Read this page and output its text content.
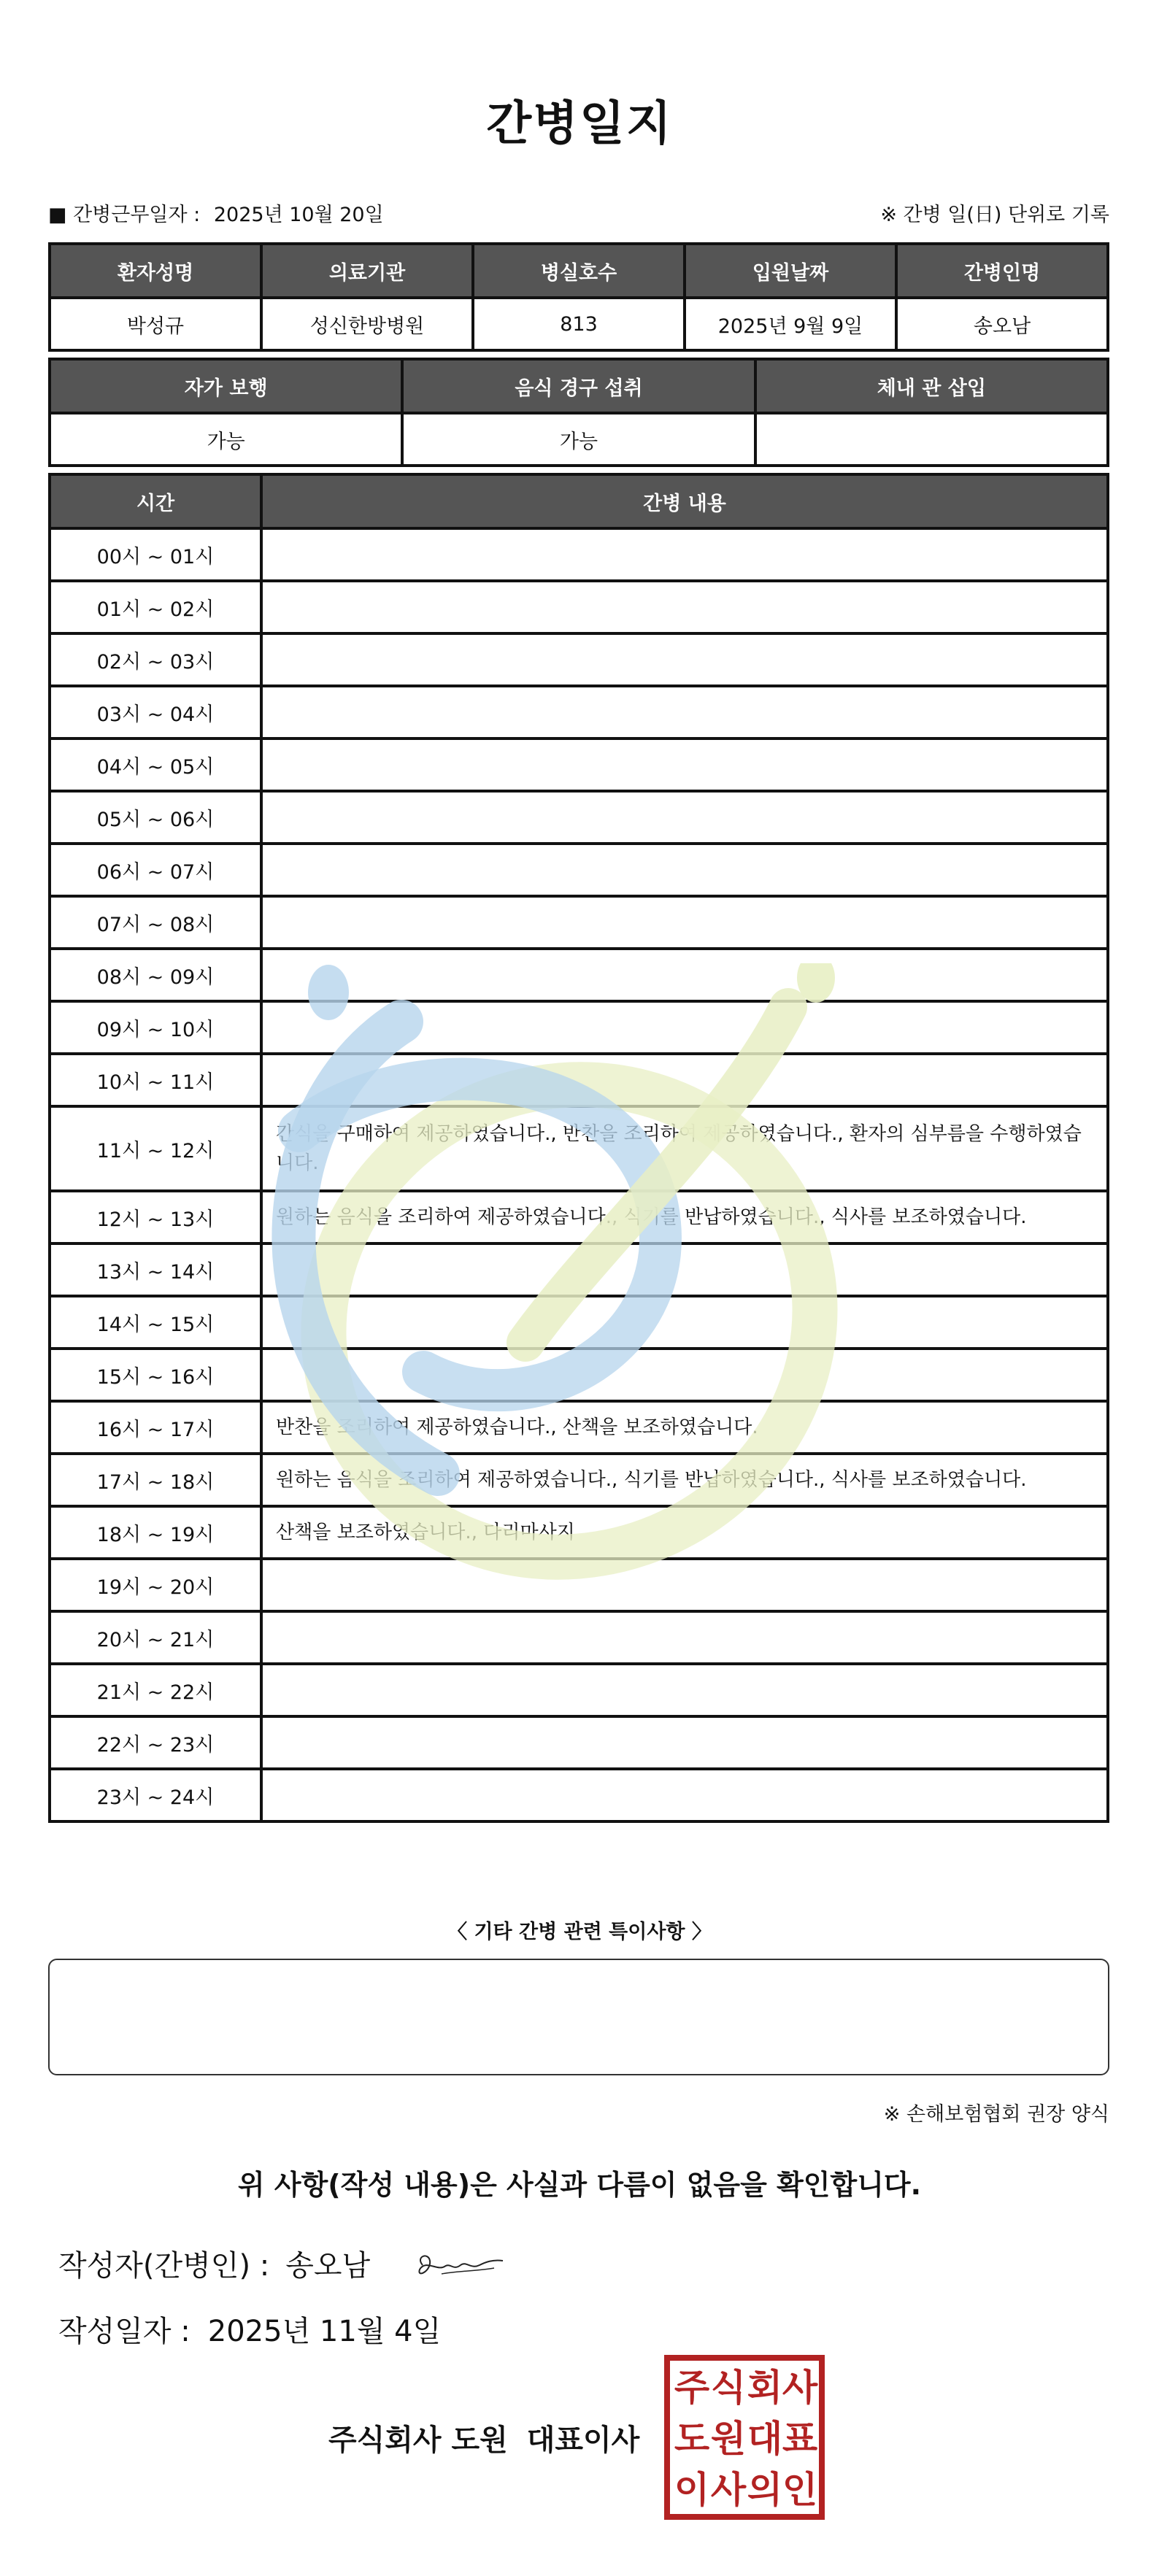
간병일지
■ 간병근무일자 : 2025년 10월 20일	※ 간병 일(日) 단위로 기록
환자성명	의료기관	병실호수	입원날짜	간병인명
박성규	성신한방병원	813	2025년 9월 9일	송오남
자가 보행	음식 경구 섭취	체내 관 삽입
가능	가능	
시간	간병 내용
00시 ~ 01시	
01시 ~ 02시	
02시 ~ 03시	
03시 ~ 04시	
04시 ~ 05시	
05시 ~ 06시	
06시 ~ 07시	
07시 ~ 08시	
08시 ~ 09시	
09시 ~ 10시	
10시 ~ 11시	
11시 ~ 12시	간식을 구매하여 제공하였습니다., 반찬을 조리하여 제공하였습니다., 환자의 심부름을 수행하였습니다.
12시 ~ 13시	원하는 음식을 조리하여 제공하였습니다., 식기를 반납하였습니다., 식사를 보조하였습니다.
13시 ~ 14시	
14시 ~ 15시	
15시 ~ 16시	
16시 ~ 17시	반찬을 조리하여 제공하였습니다., 산책을 보조하였습니다.
17시 ~ 18시	원하는 음식을 조리하여 제공하였습니다., 식기를 반납하였습니다., 식사를 보조하였습니다.
18시 ~ 19시	산책을 보조하였습니다., 다리마사지
19시 ~ 20시	
20시 ~ 21시	
21시 ~ 22시	
22시 ~ 23시	
23시 ~ 24시	
〈 기타 간병 관련 특이사항 〉
※ 손해보험협회 권장 양식
위 사항(작성 내용)은 사실과 다름이 없음을 확인합니다.
작성자(간병인) : 송오남
작성일자 : 2025년 11월 4일
주식회사 도원 대표이사
주 식 회 사
도 원 대 표
이 사 의 인
